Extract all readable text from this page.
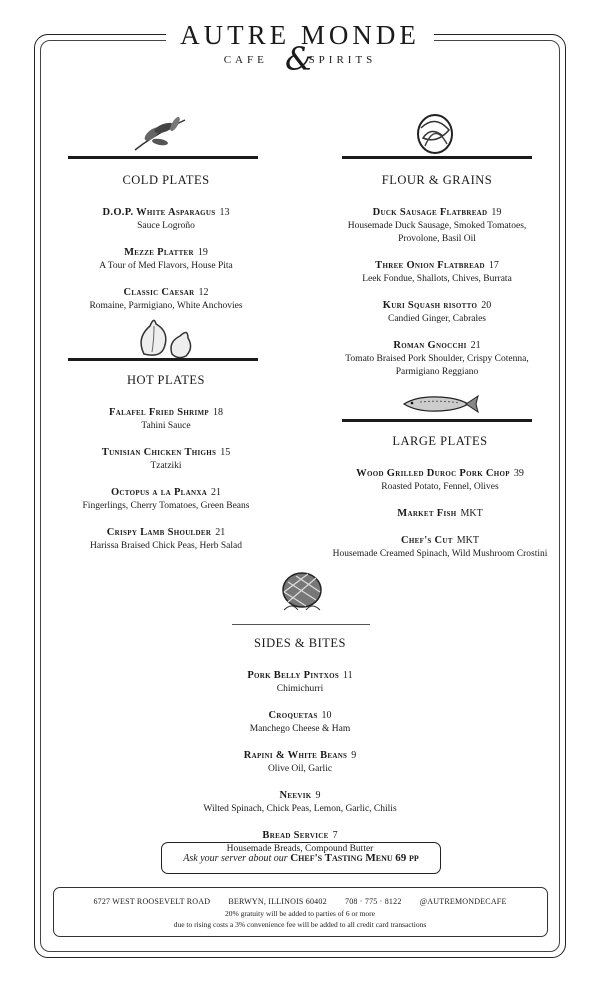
AUTRE MONDE
CAFE	SPIRITS
&
COLD PLATES
D.O.P. White Asparagus 13
Sauce Logroño
Mezze Platter 19
A Tour of Med Flavors, House Pita
Classic Caesar 12
Romaine, Parmigiano, White Anchovies
HOT PLATES
Falafel Fried Shrimp 18
Tahini Sauce
Tunisian Chicken Thighs 15
Tzatziki
Octopus a la Planxa 21
Fingerlings, Cherry Tomatoes, Green Beans
Crispy Lamb Shoulder 21
Harissa Braised Chick Peas, Herb Salad
FLOUR & GRAINS
Duck Sausage Flatbread 19
Housemade Duck Sausage, Smoked Tomatoes,
Provolone, Basil Oil
Three Onion Flatbread 17
Leek Fondue, Shallots, Chives, Burrata
Kuri Squash risotto 20
Candied Ginger, Cabrales
Roman Gnocchi 21
Tomato Braised Pork Shoulder, Crispy Cotenna,
Parmigiano Reggiano
LARGE PLATES
Wood Grilled Duroc Pork Chop 39
Roasted Potato, Fennel, Olives
Market Fish MKT
Chef's Cut MKT
Housemade Creamed Spinach, Wild Mushroom Crostini
SIDES & BITES
Pork Belly Pintxos 11
Chimichurri
Croquetas 10
Manchego Cheese & Ham
Rapini & White Beans 9
Olive Oil, Garlic
Neevik 9
Wilted Spinach, Chick Peas, Lemon, Garlic, Chilis
Bread Service 7
Housemade Breads, Compound Butter
Ask your server about our Chef's Tasting Menu 69 pp
6727 WEST ROOSEVELT ROAD BERWYN, ILLINOIS 60402 708 · 775 · 8122 @AUTREMONDECAFE
20% gratuity will be added to parties of 6 or more
due to rising costs a 3% convenience fee will be added to all credit card transactions
